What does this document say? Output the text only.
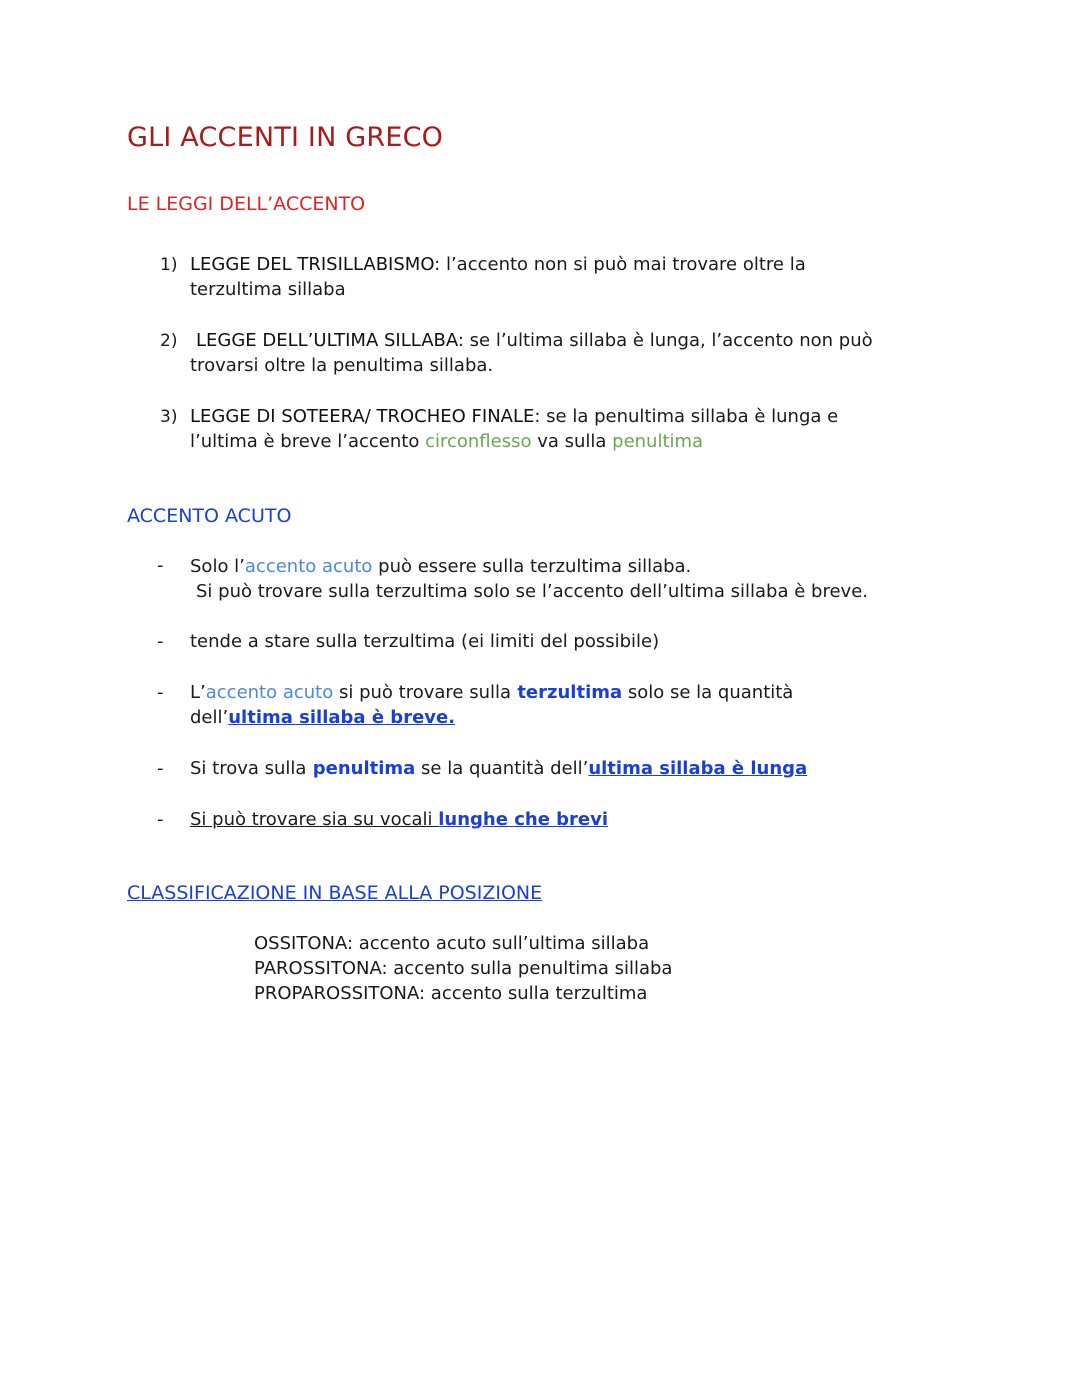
GLI ACCENTI IN GRECO
LE LEGGI DELL’ACCENTO
1) LEGGE DEL TRISILLABISMO: l’accento non si può mai trovare oltre la
terzultima sillaba
2) LEGGE DELL’ULTIMA SILLABA: se l’ultima sillaba è lunga, l’accento non può
trovarsi oltre la penultima sillaba.
3) LEGGE DI SOTEERA/ TROCHEO FINALE: se la penultima sillaba è lunga e
l’ultima è breve l’accento circonflesso va sulla penultima
ACCENTO ACUTO
- Solo l’accento acuto può essere sulla terzultima sillaba.
Si può trovare sulla terzultima solo se l’accento dell’ultima sillaba è breve.
- tende a stare sulla terzultima (ei limiti del possibile)
- L’accento acuto si può trovare sulla terzultima solo se la quantità
dell’ultima sillaba è breve.
- Si trova sulla penultima se la quantità dell’ultima sillaba è lunga
- Si può trovare sia su vocali lunghe che brevi
CLASSIFICAZIONE IN BASE ALLA POSIZIONE
OSSITONA: accento acuto sull’ultima sillaba
PAROSSITONA: accento sulla penultima sillaba
PROPAROSSITONA: accento sulla terzultima
